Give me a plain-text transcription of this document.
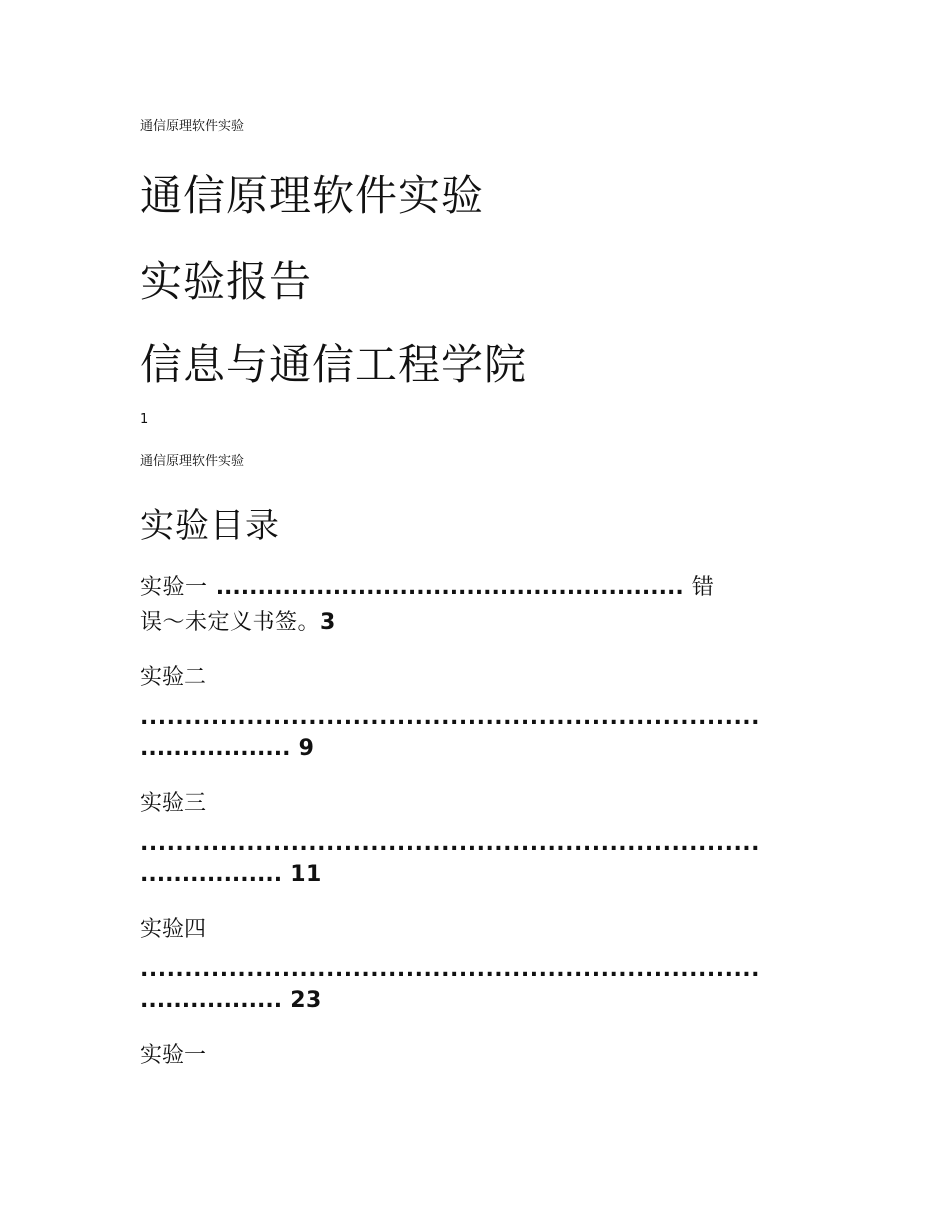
通信原理软件实验
通信原理软件实验
实验报告
信息与通信工程学院
1
通信原理软件实验
实验目录
实验一 ........................................................ 错
误～未定义书签。3
实验二
......................................................................
.................. 9
实验三
......................................................................
................. 11
实验四
......................................................................
................. 23
实验一
